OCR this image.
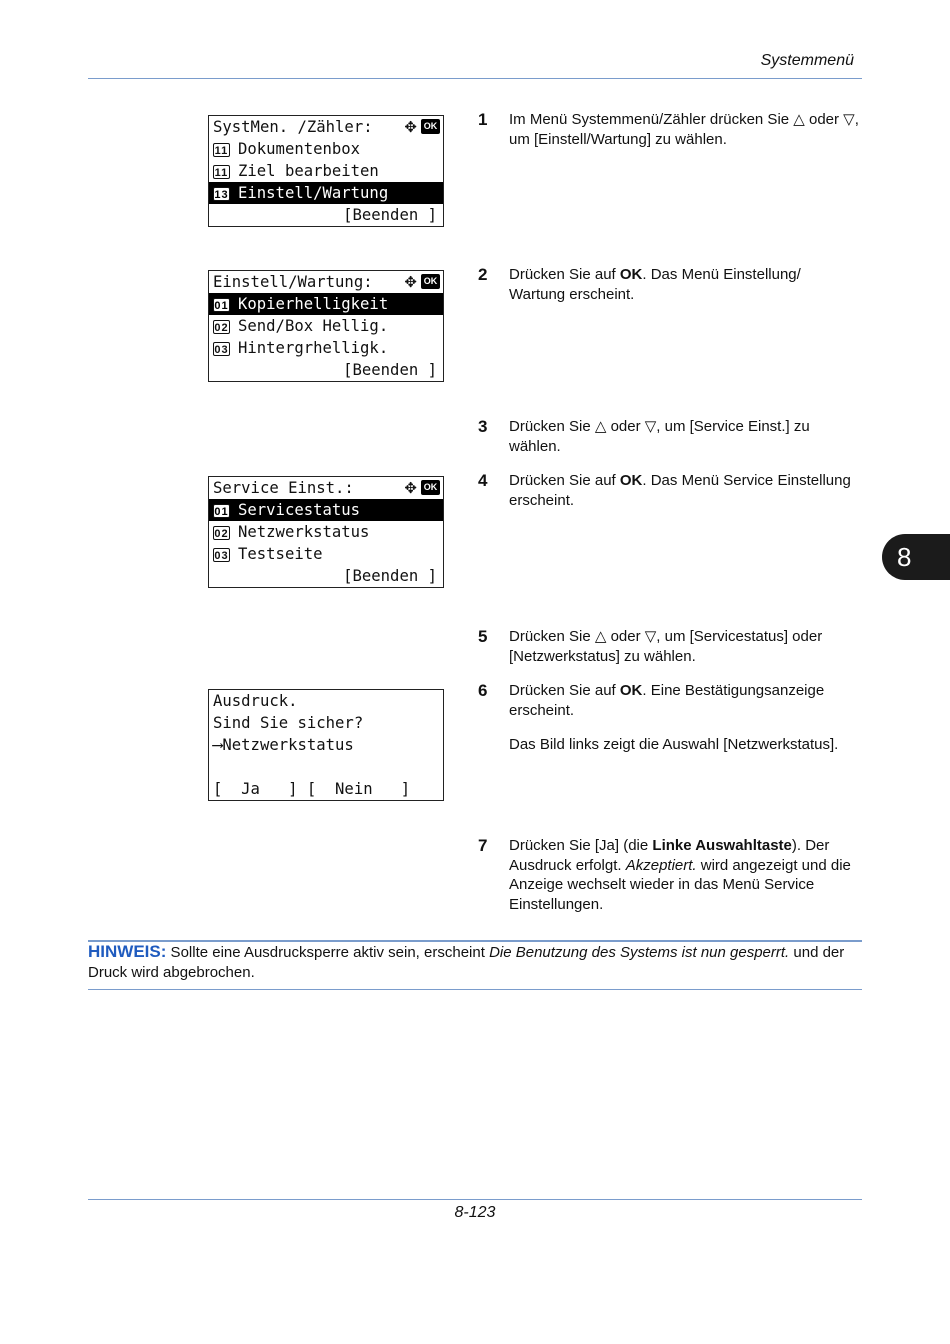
Systemmenü
SystMen. /Zähler:
✥

OK
11 Dokumentenbox
11 Ziel bearbeiten
13 Einstell/Wartung
[Beenden ]
Einstell/Wartung:
✥

OK
01 Kopierhelligkeit
02 Send/Box Hellig.
03 Hintergrhelligk.
[Beenden ]
Service Einst.:
	✥

OK
01 Servicestatus
02 Netzwerkstatus
03 Testseite
[Beenden ]
Ausdruck.
Sind Sie sicher?
⟶Netzwerkstatus
[  Ja   ] [  Nein   ]
1 Im Menü Systemmenü/Zähler drücken Sie △ oder ▽, um [Einstell/Wartung] zu wählen.
2 Drücken Sie auf OK. Das Menü Einstellung/ Wartung erscheint.
3 Drücken Sie △ oder ▽, um [Service Einst.] zu wählen.
4 Drücken Sie auf OK. Das Menü Service Einstellung erscheint.
5 Drücken Sie △ oder ▽, um [Servicestatus] oder [Netzwerkstatus] zu wählen.
6 Drücken Sie auf OK. Eine Bestätigungsanzeige erscheint.
Das Bild links zeigt die Auswahl [Netzwerkstatus].
7 Drücken Sie [Ja] (die Linke Auswahltaste). Der Ausdruck erfolgt. Akzeptiert. wird angezeigt und die Anzeige wechselt wieder in das Menü Service Einstellungen.
8
HINWEIS: Sollte eine Ausdrucksperre aktiv sein, erscheint Die Benutzung des Systems ist nun gesperrt. und der Druck wird abgebrochen.
8-123
